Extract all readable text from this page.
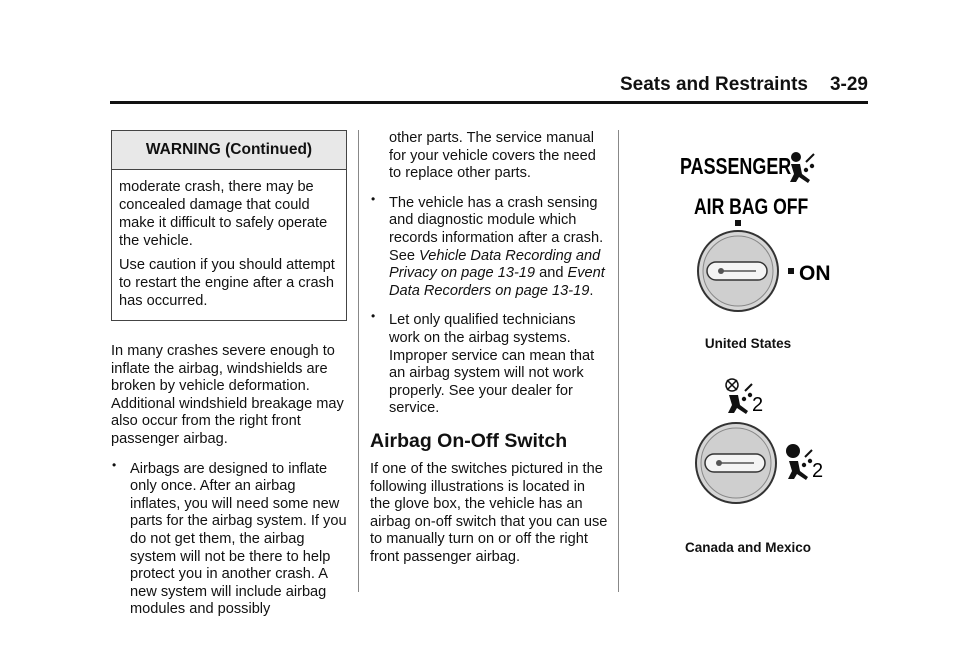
Seats and Restraints 3-29
WARNING (Continued)

moderate crash, there may be concealed damage that could make it difficult to safely operate the vehicle.

Use caution if you should attempt to restart the engine after a crash has occurred.

In many crashes severe enough to inflate the airbag, windshields are broken by vehicle deformation. Additional windshield breakage may also occur from the right front passenger airbag.

• Airbags are designed to inflate only once. After an airbag inflates, you will need some new parts for the airbag system. If you do not get them, the airbag system will not be there to help protect you in another crash. A new system will include airbag modules and possibly

other parts. The service manual for your vehicle covers the need to replace other parts.

• The vehicle has a crash sensing and diagnostic module which records information after a crash. See Vehicle Data Recording and Privacy on page 13-19 and Event Data Recorders on page 13-19.
• Let only qualified technicians work on the airbag systems. Improper service can mean that an airbag system will not work properly. See your dealer for service.
Airbag On-Off Switch

If one of the switches pictured in the following illustrations is located in the glove box, the vehicle has an airbag on-off switch that you can use to manually turn on or off the right front passenger airbag.

PASSENGER
AIR BAG OFF
ON
United States
2
2
Canada and Mexico
